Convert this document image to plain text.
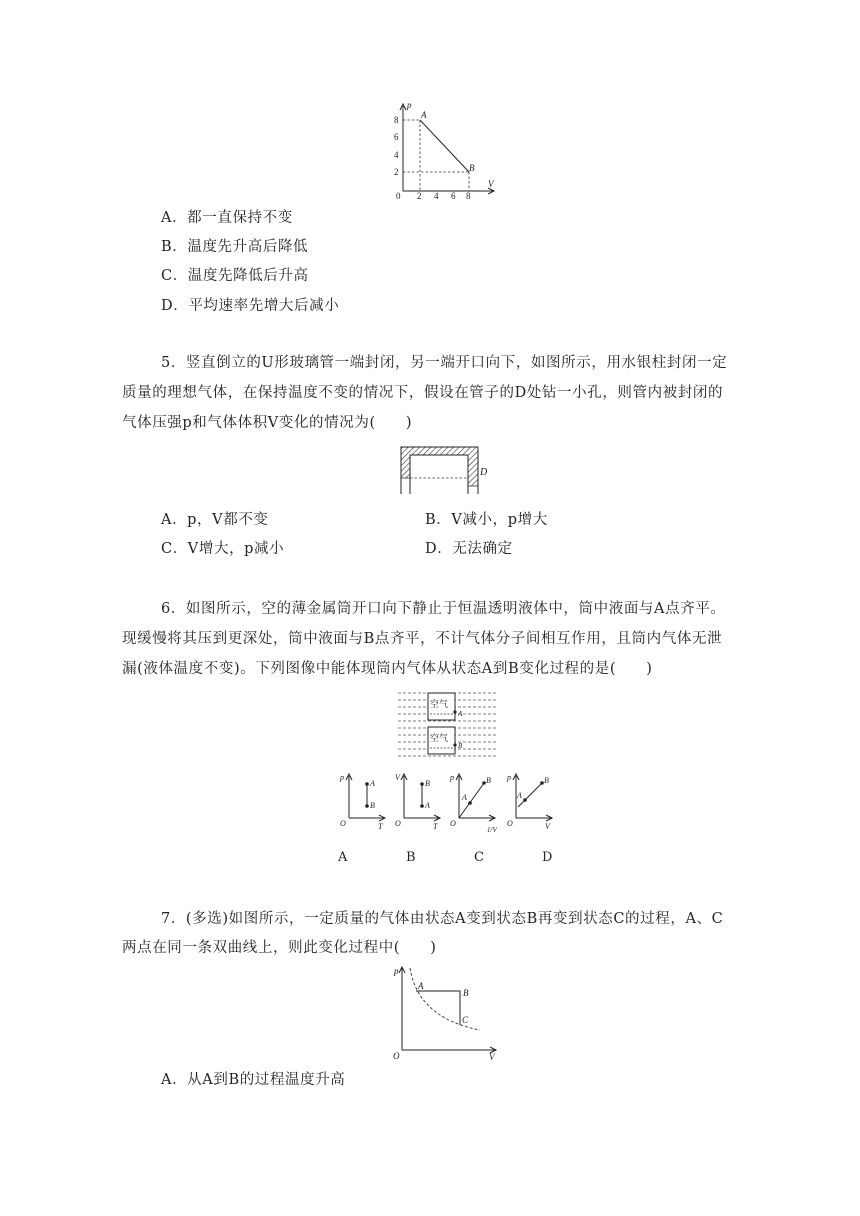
p
A
B
8
6
4
2
0 2 4 6 8
V
A．都一直保持不变
B．温度先升高后降低
C．温度先降低后升高
D．平均速率先增大后减小
5．竖直倒立的U形玻璃管一端封闭，另一端开口向下，如图所示，用水银柱封闭一定
质量的理想气体，在保持温度不变的情况下，假设在管子的D处钻一小孔，则管内被封闭的
气体压强p和气体体积V变化的情况为(　　)
D
A．p，V都不变	B．V减小，p增大
C．V增大，p减小	D．无法确定
6．如图所示，空的薄金属筒开口向下静止于恒温透明液体中，筒中液面与A点齐平。
现缓慢将其压到更深处，筒中液面与B点齐平，不计气体分子间相互作用，且筒内气体无泄
漏(液体温度不变)。下列图像中能体现筒内气体从状态A到B变化过程的是(　　)
空气
A
空气
B
p
O	T
A
B
V
O	T
B
A
p
O
1/V
B
A
p
O	V
B
A
A	B	C	D
7．(多选)如图所示，一定质量的气体由状态A变到状态B再变到状态C的过程，A、C
两点在同一条双曲线上，则此变化过程中(　　)
p
O	V
A
B
C
A．从A到B的过程温度升高
